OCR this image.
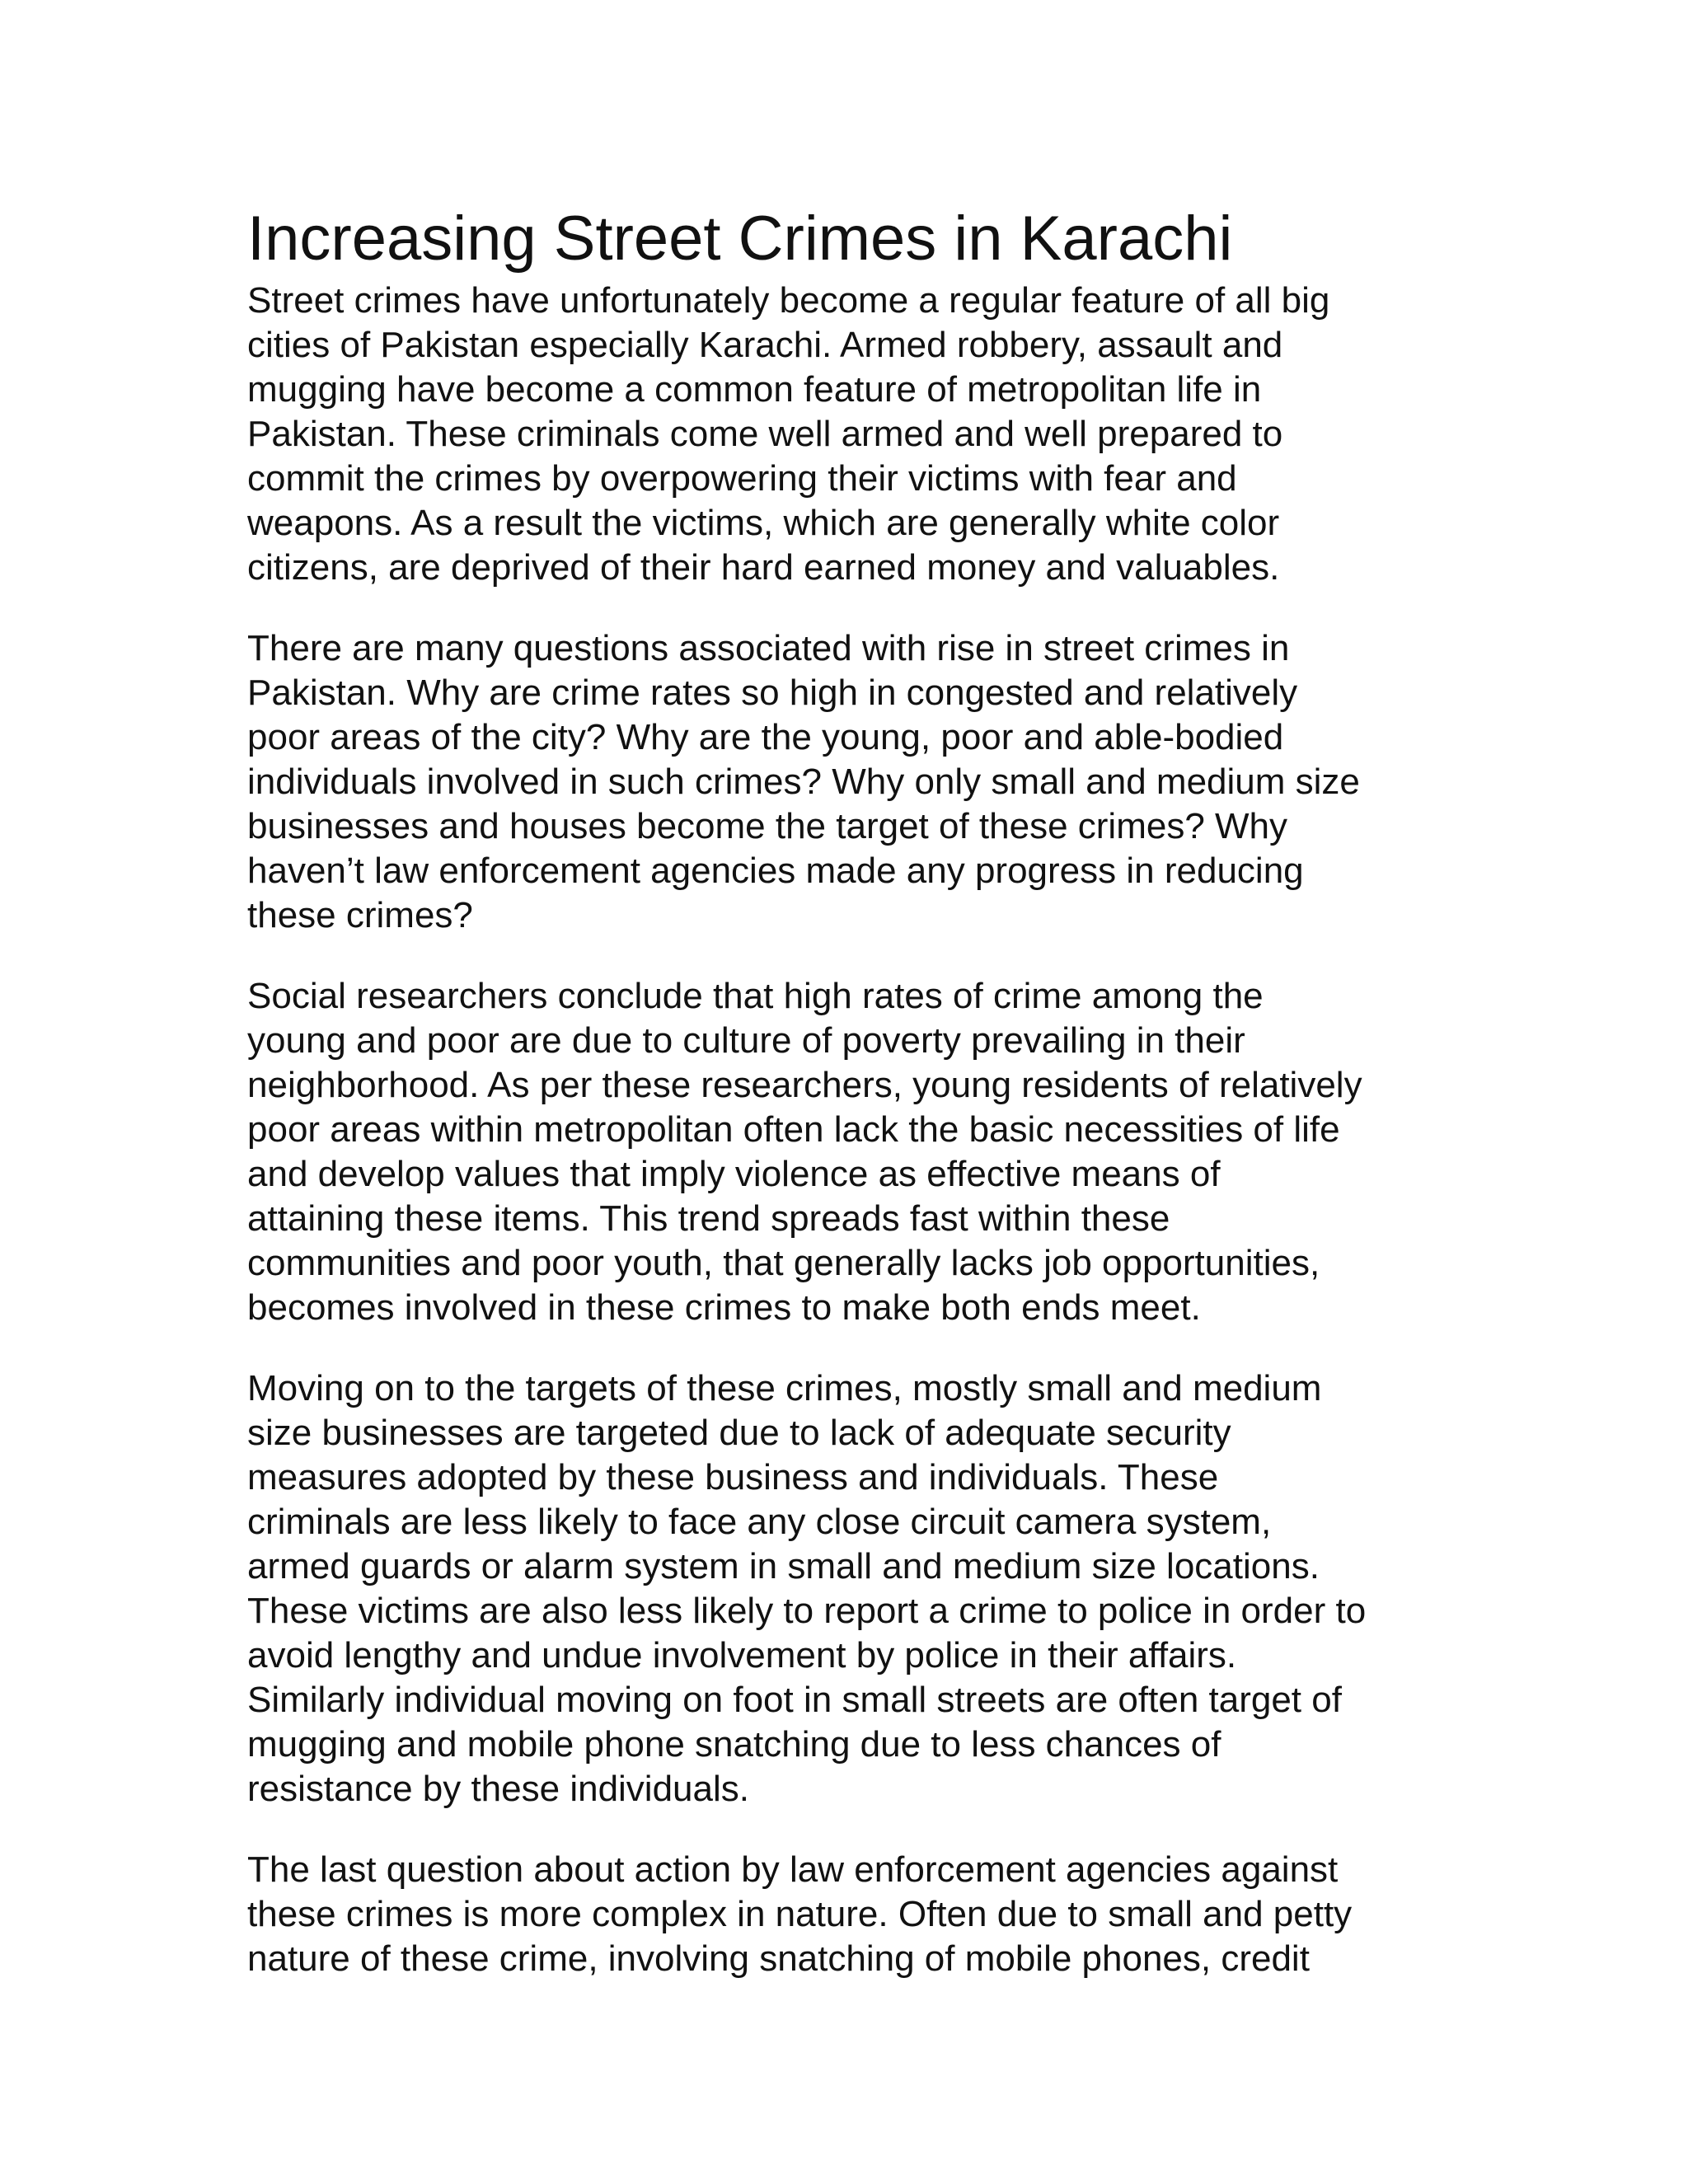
Increasing Street Crimes in Karachi

Street crimes have unfortunately become a regular feature of all big
cities of Pakistan especially Karachi. Armed robbery, assault and
mugging have become a common feature of metropolitan life in
Pakistan. These criminals come well armed and well prepared to
commit the crimes by overpowering their victims with fear and
weapons. As a result the victims, which are generally white color
citizens, are deprived of their hard earned money and valuables.

There are many questions associated with rise in street crimes in
Pakistan. Why are crime rates so high in congested and relatively
poor areas of the city? Why are the young, poor and able-bodied
individuals involved in such crimes? Why only small and medium size
businesses and houses become the target of these crimes? Why
haven’t law enforcement agencies made any progress in reducing
these crimes?

Social researchers conclude that high rates of crime among the
young and poor are due to culture of poverty prevailing in their
neighborhood. As per these researchers, young residents of relatively
poor areas within metropolitan often lack the basic necessities of life
and develop values that imply violence as effective means of
attaining these items. This trend spreads fast within these
communities and poor youth, that generally lacks job opportunities,
becomes involved in these crimes to make both ends meet.

Moving on to the targets of these crimes, mostly small and medium
size businesses are targeted due to lack of adequate security
measures adopted by these business and individuals. These
criminals are less likely to face any close circuit camera system,
armed guards or alarm system in small and medium size locations.
These victims are also less likely to report a crime to police in order to
avoid lengthy and undue involvement by police in their affairs.
Similarly individual moving on foot in small streets are often target of
mugging and mobile phone snatching due to less chances of
resistance by these individuals.

The last question about action by law enforcement agencies against
these crimes is more complex in nature. Often due to small and petty
nature of these crime, involving snatching of mobile phones, credit
